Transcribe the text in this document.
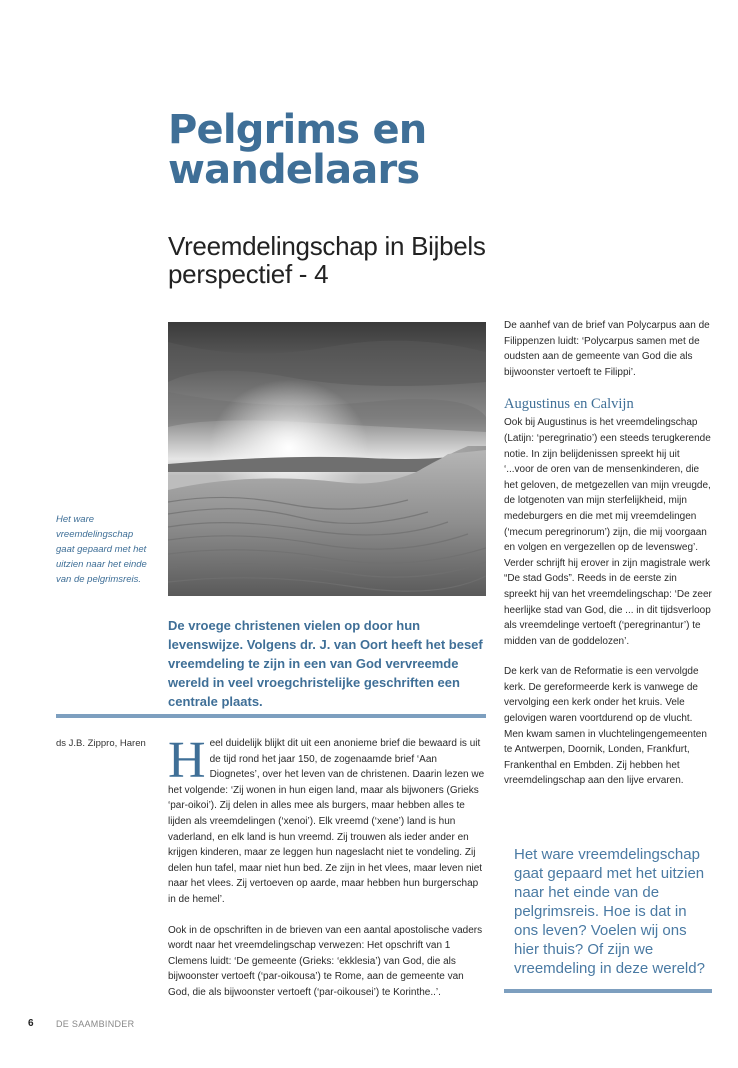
Pelgrims en wandelaars
Vreemdelingschap in Bijbels perspectief - 4
Het ware vreemdelingschap gaat gepaard met het uitzien naar het einde van de pelgrimsreis.
De vroege christenen vielen op door hun levenswijze. Volgens dr. J. van Oort heeft het besef vreemdeling te zijn in een van God vervreemde wereld in veel vroegchristelijke geschriften een centrale plaats.
ds J.B. Zippro, Haren Heel duidelijk blijkt dit uit een anonieme brief die bewaard is uit de tijd rond het jaar 150, de zogenaamde brief ‘Aan Diognetes’, over het leven van de christenen. Daarin lezen we het volgende: ‘Zij wonen in hun eigen land, maar als bijwoners (Grieks ‘par-oikoi’). Zij delen in alles mee als burgers, maar hebben alles te lijden als vreemdelingen (‘xenoi’). Elk vreemd (‘xene’) land is hun vaderland, en elk land is hun vreemd. Zij trouwen als ieder ander en krijgen kinderen, maar ze leggen hun nageslacht niet te vondeling. Zij delen hun tafel, maar niet hun bed. Ze zijn in het vlees, maar leven niet naar het vlees. Zij vertoeven op aarde, maar hebben hun burgerschap in de hemel’.

Ook in de opschriften in de brieven van een aantal apostolische vaders wordt naar het vreemdelingschap verwezen: Het opschrift van 1 Clemens luidt: ‘De gemeente (Grieks: ‘ekklesia’) van God, die als bijwoonster vertoeft (‘par-oikousa’) te Rome, aan de gemeente van God, die als bijwoonster vertoeft (‘par-oikousei’) te Korinthe..’.

De aanhef van de brief van Polycarpus aan de Filippenzen luidt: ‘Polycarpus samen met de oudsten aan de gemeente van God die als bijwoonster vertoeft te Filippi’.

Augustinus en Calvijn

Ook bij Augustinus is het vreemdelingschap (Latijn: ‘peregrinatio’) een steeds terugkerende notie. In zijn belijdenissen spreekt hij uit ‘...voor de oren van de mensenkinderen, die het geloven, de metgezellen van mijn vreugde, de lotgenoten van mijn sterfelijkheid, mijn medeburgers en die met mij vreemdelingen (‘mecum peregrinorum’) zijn, die mij voorgaan en volgen en vergezellen op de levensweg’. Verder schrijft hij erover in zijn magistrale werk “De stad Gods”. Reeds in de eerste zin spreekt hij van het vreemdelingschap: ‘De zeer heerlijke stad van God, die ... in dit tijdsverloop als vreemdelinge vertoeft (‘peregrinantur’) te midden van de goddelozen’.

De kerk van de Reformatie is een vervolgde kerk. De gereformeerde kerk is vanwege de vervolging een kerk onder het kruis. Vele gelovigen waren voortdurend op de vlucht. Men kwam samen in vluchtelingengemeenten te Antwerpen, Doornik, Londen, Frankfurt, Frankenthal en Embden. Zij hebben het vreemdelingschap aan den lijve ervaren.

Het ware vreemdelingschap gaat gepaard met het uitzien naar het einde van de pelgrimsreis. Hoe is dat in ons leven? Voelen wij ons hier thuis? Of zijn we vreemdeling in deze wereld?
6 DE SAAMBINDER
